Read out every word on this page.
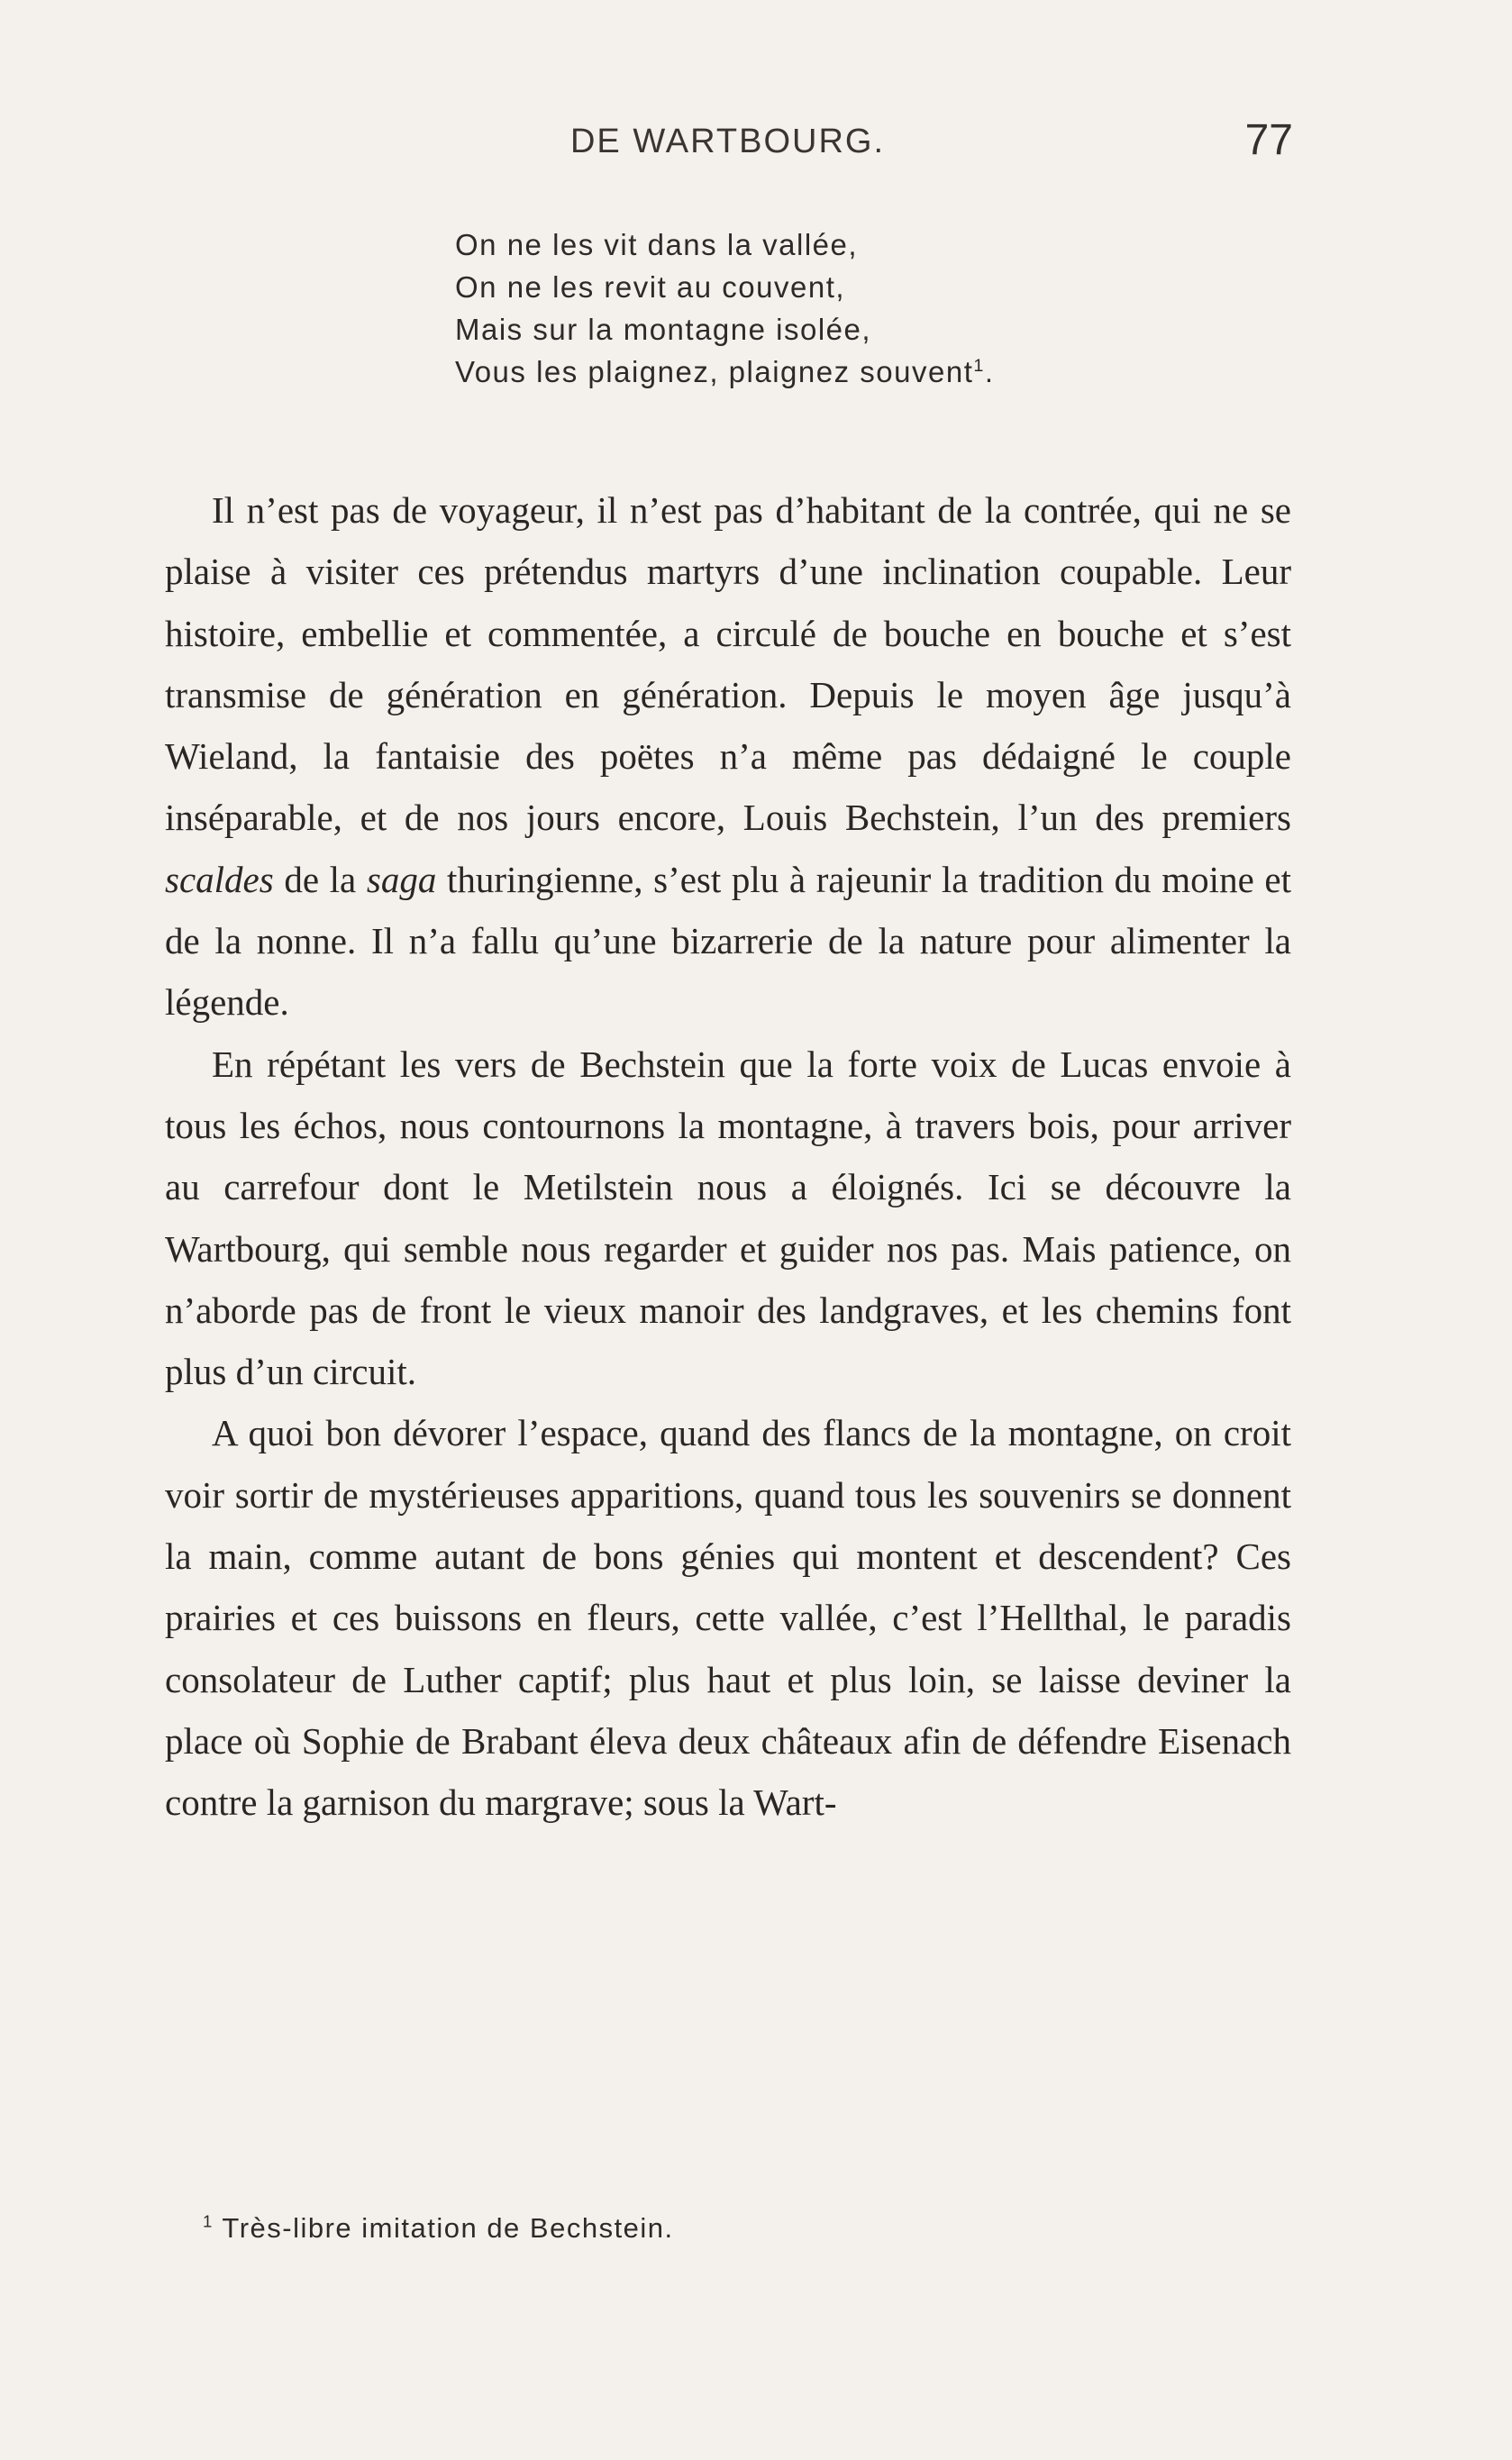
DE WARTBOURG.	77
On ne les vit dans la vallée,
On ne les revit au couvent,
Mais sur la montagne isolée,
Vous les plaignez, plaignez souvent$^1$.

Il n’est pas de voyageur, il n’est pas d’habitant de la contrée, qui ne se plaise à visiter ces prétendus martyrs d’une inclination coupable. Leur histoire, embellie et commentée, a circulé de bouche en bouche et s’est transmise de génération en génération. Depuis le moyen âge jusqu’à Wieland, la fantaisie des poëtes n’a même pas dédaigné le couple inséparable, et de nos jours encore, Louis Bechstein, l’un des premiers scaldes de la saga thuringienne, s’est plu à rajeunir la tradition du moine et de la nonne. Il n’a fallu qu’une bizarrerie de la nature pour alimenter la légende.

En répétant les vers de Bechstein que la forte voix de Lucas envoie à tous les échos, nous contournons la montagne, à travers bois, pour arriver au carrefour dont le Metilstein nous a éloignés. Ici se découvre la Wartbourg, qui semble nous regarder et guider nos pas. Mais patience, on n’aborde pas de front le vieux manoir des landgraves, et les chemins font plus d’un circuit.

A quoi bon dévorer l’espace, quand des flancs de la montagne, on croit voir sortir de mystérieuses apparitions, quand tous les souvenirs se donnent la main, comme autant de bons génies qui montent et descendent? Ces prairies et ces buissons en fleurs, cette vallée, c’est l’Hellthal, le paradis consolateur de Luther captif; plus haut et plus loin, se laisse deviner la place où Sophie de Brabant éleva deux châteaux afin de défendre Eisenach contre la garnison du margrave; sous la Wart-

$^1$ Très-libre imitation de Bechstein.
